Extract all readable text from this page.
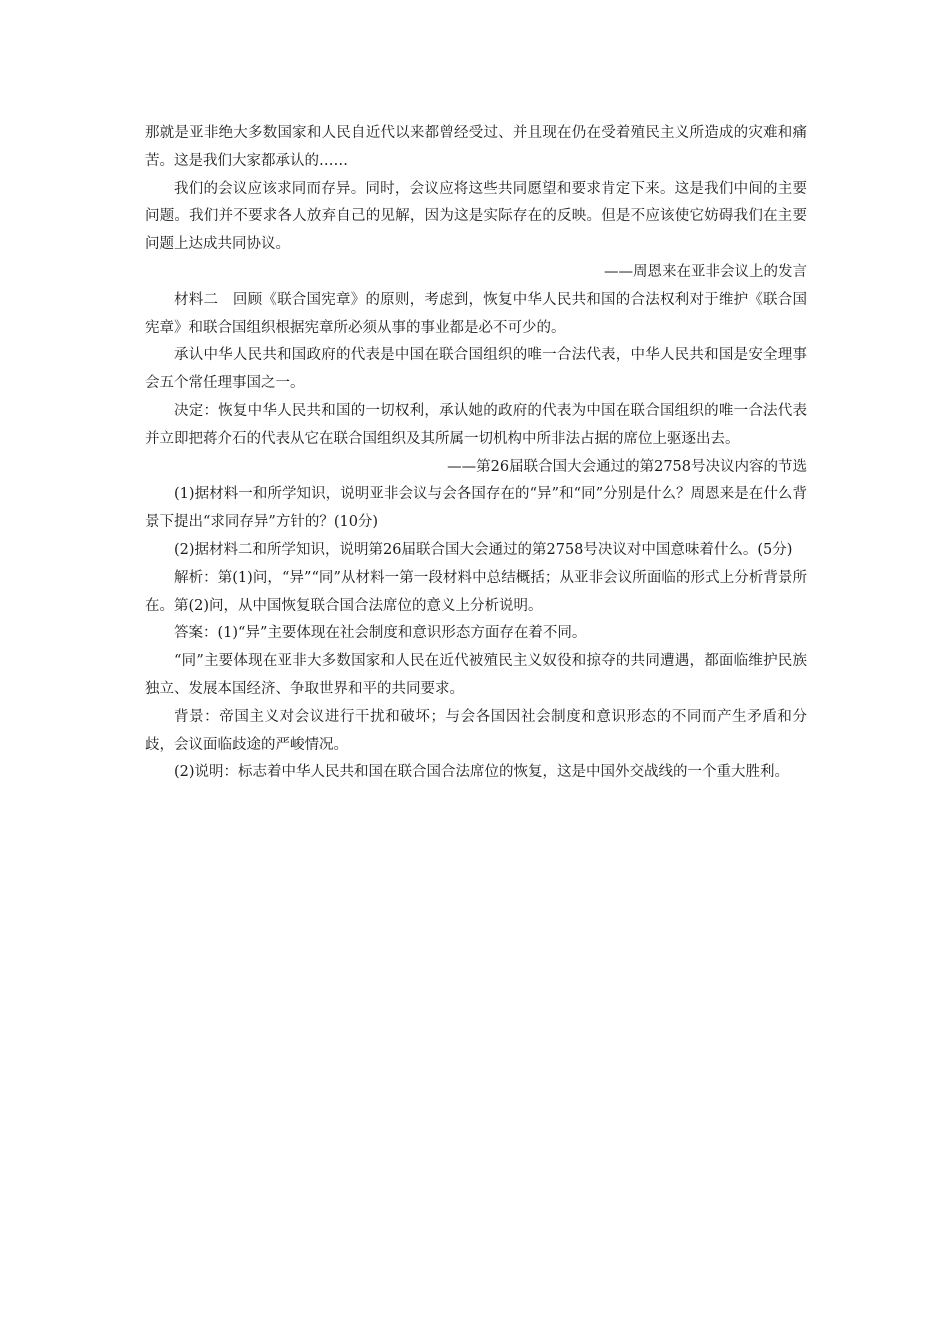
那就是亚非绝大多数国家和人民自近代以来都曾经受过、并且现在仍在受着殖民主义所造成的灾难和痛苦。这是我们大家都承认的……

我们的会议应该求同而存异。同时，会议应将这些共同愿望和要求肯定下来。这是我们中间的主要问题。我们并不要求各人放弃自己的见解，因为这是实际存在的反映。但是不应该使它妨碍我们在主要问题上达成共同协议。

——周恩来在亚非会议上的发言

材料二　回顾《联合国宪章》的原则，考虑到，恢复中华人民共和国的合法权利对于维护《联合国宪章》和联合国组织根据宪章所必须从事的事业都是必不可少的。

承认中华人民共和国政府的代表是中国在联合国组织的唯一合法代表，中华人民共和国是安全理事会五个常任理事国之一。

决定：恢复中华人民共和国的一切权利，承认她的政府的代表为中国在联合国组织的唯一合法代表并立即把蒋介石的代表从它在联合国组织及其所属一切机构中所非法占据的席位上驱逐出去。

——第26届联合国大会通过的第2758号决议内容的节选

(1)据材料一和所学知识，说明亚非会议与会各国存在的“异”和“同”分别是什么？周恩来是在什么背景下提出“求同存异”方针的？(10分)

(2)据材料二和所学知识，说明第26届联合国大会通过的第2758号决议对中国意味着什么。(5分)

解析：第(1)问，“异”“同”从材料一第一段材料中总结概括；从亚非会议所面临的形式上分析背景所在。第(2)问，从中国恢复联合国合法席位的意义上分析说明。

答案：(1)“异”主要体现在社会制度和意识形态方面存在着不同。

“同”主要体现在亚非大多数国家和人民在近代被殖民主义奴役和掠夺的共同遭遇，都面临维护民族独立、发展本国经济、争取世界和平的共同要求。

背景：帝国主义对会议进行干扰和破坏；与会各国因社会制度和意识形态的不同而产生矛盾和分歧，会议面临歧途的严峻情况。

(2)说明：标志着中华人民共和国在联合国合法席位的恢复，这是中国外交战线的一个重大胜利。
